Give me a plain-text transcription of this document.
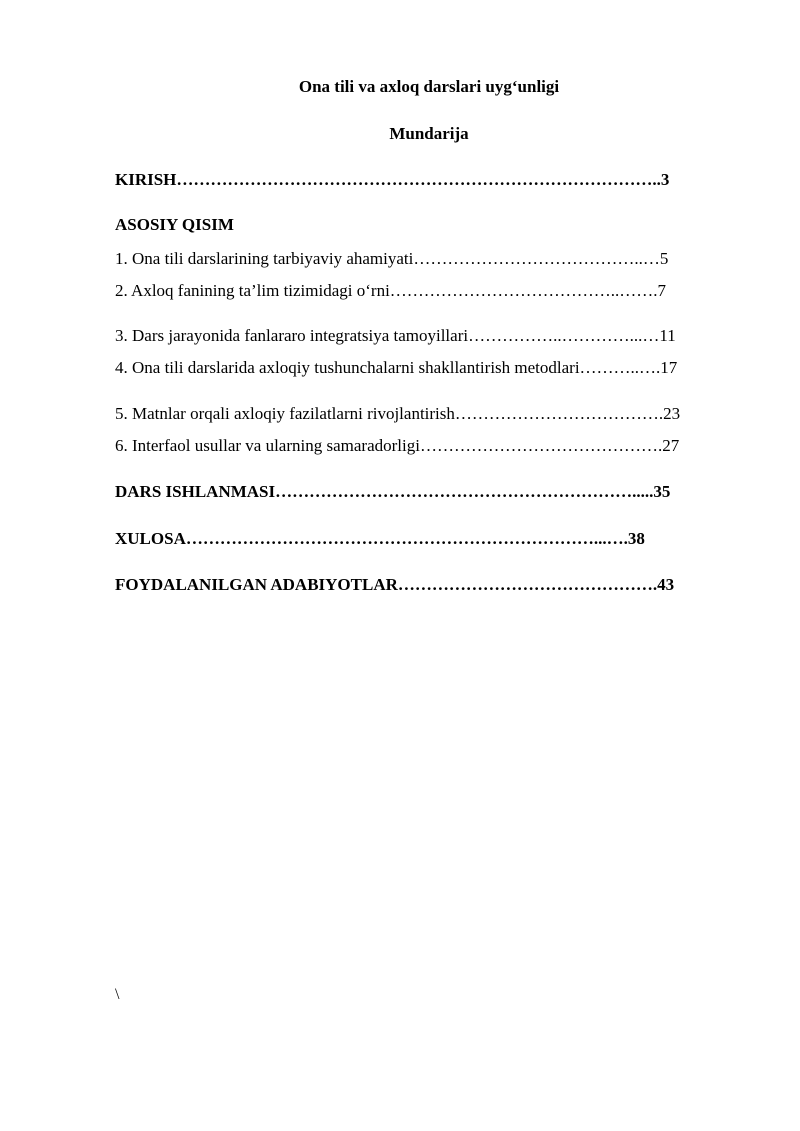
Ona tili va axloq darslari uyg‘unligi
Mundarija
KIRISH…………………………………………………………………………..3
ASOSIY QISIM
1. Ona tili darslarining tarbiyaviy ahamiyati…………………………………..…5
2. Axloq fanining ta’lim tizimidagi o‘rni…………………………………..…….7
3. Dars jarayonida fanlararo integratsiya tamoyillari……………..…………...…11
4. Ona tili darslarida axloqiy tushunchalarni shakllantirish metodlari………..….17
5. Matnlar orqali axloqiy fazilatlarni rivojlantirish……………………………….23
6. Interfaol usullar va ularning samaradorligi…………………………………….27
DARS ISHLANMASI……………………………………………………….....35
XULOSA………………………………………………………………...….38
FOYDALANILGAN ADABIYOTLAR……………………………………….43
\
